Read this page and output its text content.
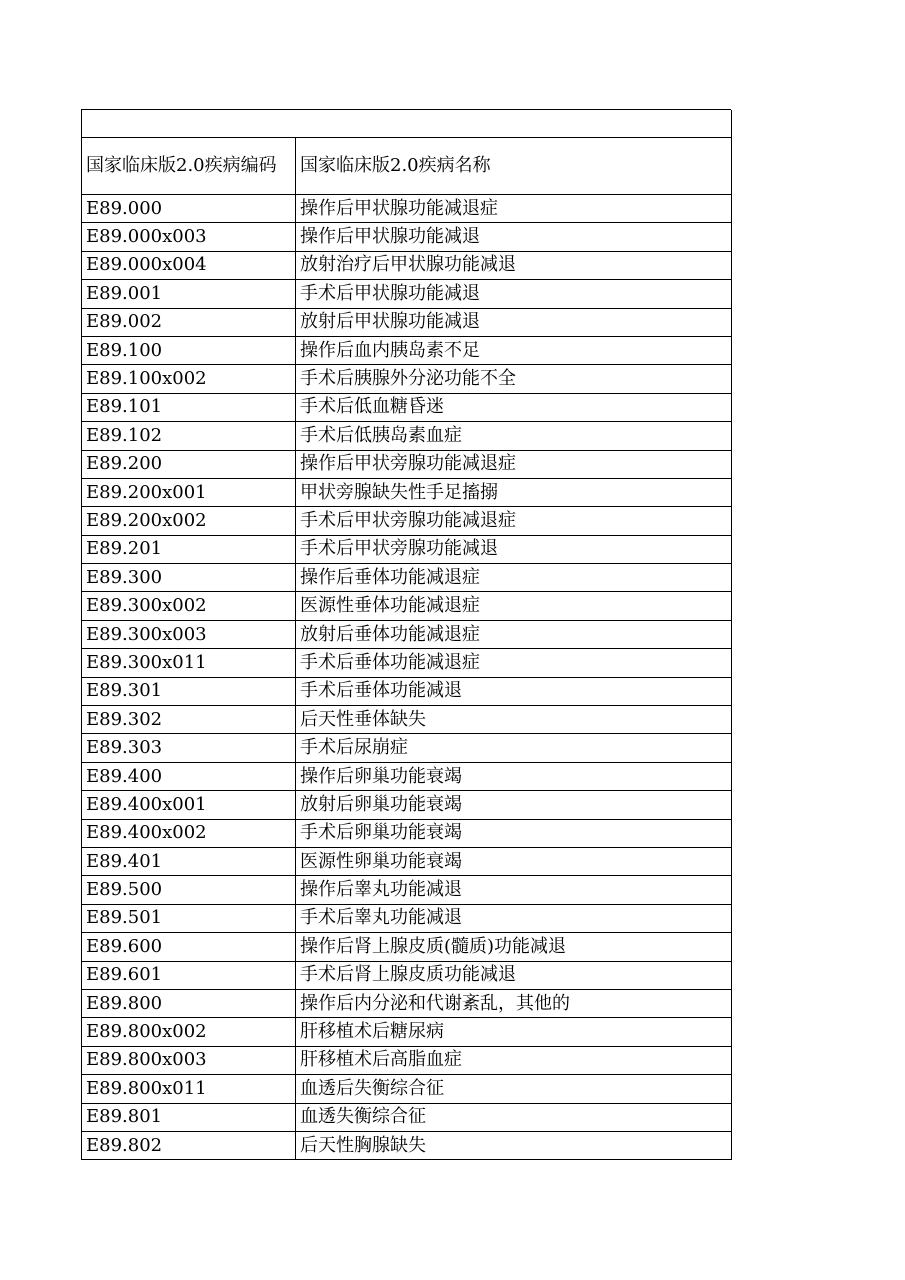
国家临床版2.0疾病编码	国家临床版2.0疾病名称
E89.000	操作后甲状腺功能减退症
E89.000x003	操作后甲状腺功能减退
E89.000x004	放射治疗后甲状腺功能减退
E89.001	手术后甲状腺功能减退
E89.002	放射后甲状腺功能减退
E89.100	操作后血内胰岛素不足
E89.100x002	手术后胰腺外分泌功能不全
E89.101	手术后低血糖昏迷
E89.102	手术后低胰岛素血症
E89.200	操作后甲状旁腺功能减退症
E89.200x001	甲状旁腺缺失性手足搐搦
E89.200x002	手术后甲状旁腺功能减退症
E89.201	手术后甲状旁腺功能减退
E89.300	操作后垂体功能减退症
E89.300x002	医源性垂体功能减退症
E89.300x003	放射后垂体功能减退症
E89.300x011	手术后垂体功能减退症
E89.301	手术后垂体功能减退
E89.302	后天性垂体缺失
E89.303	手术后尿崩症
E89.400	操作后卵巢功能衰竭
E89.400x001	放射后卵巢功能衰竭
E89.400x002	手术后卵巢功能衰竭
E89.401	医源性卵巢功能衰竭
E89.500	操作后睾丸功能减退
E89.501	手术后睾丸功能减退
E89.600	操作后肾上腺皮质(髓质)功能减退
E89.601	手术后肾上腺皮质功能减退
E89.800	操作后内分泌和代谢紊乱，其他的
E89.800x002	肝移植术后糖尿病
E89.800x003	肝移植术后高脂血症
E89.800x011	血透后失衡综合征
E89.801	血透失衡综合征
E89.802	后天性胸腺缺失
